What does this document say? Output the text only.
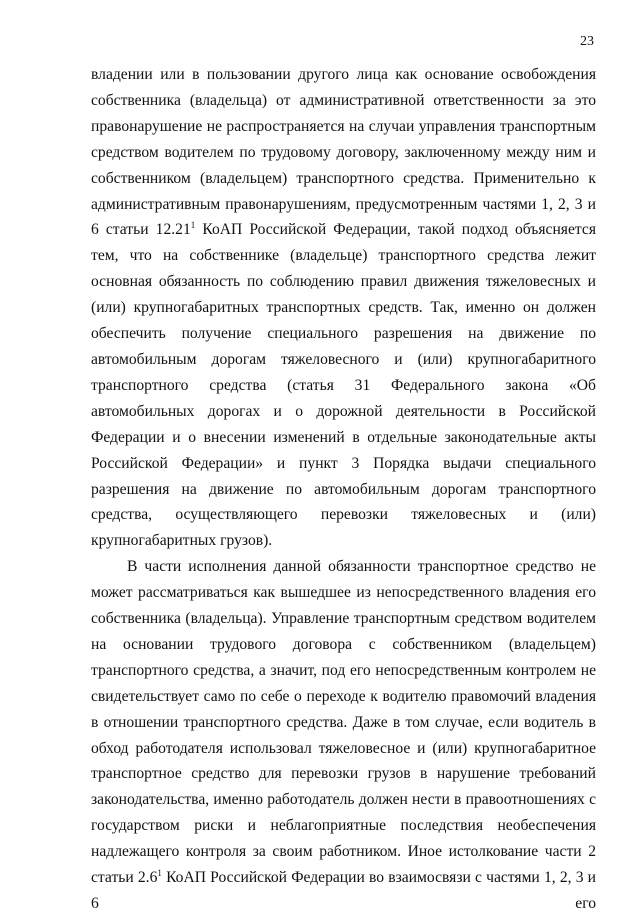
23

владении или в пользовании другого лица как основание освобождения собственника (владельца) от административной ответственности за это правонарушение не распространяется на случаи управления транспортным средством водителем по трудовому договору, заключенному между ним и собственником (владельцем) транспортного средства. Применительно к административным правонарушениям, предусмотренным частями 1, 2, 3 и 6 статьи 12.21$^1$ КоАП Российской Федерации, такой подход объясняется тем, что на собственнике (владельце) транспортного средства лежит основная обязанность по соблюдению правил движения тяжеловесных и (или) крупногабаритных транспортных средств. Так, именно он должен обеспечить получение специального разрешения на движение по автомобильным дорогам тяжеловесного и (или) крупногабаритного транспортного средства (статья 31 Федерального закона «Об автомобильных дорогах и о дорожной деятельности в Российской Федерации и о внесении изменений в отдельные законодательные акты Российской Федерации» и пункт 3 Порядка выдачи специального разрешения на движение по автомобильным дорогам транспортного средства, осуществляющего перевозки тяжеловесных и (или) крупногабаритных грузов).

В части исполнения данной обязанности транспортное средство не может рассматриваться как вышедшее из непосредственного владения его собственника (владельца). Управление транспортным средством водителем на основании трудового договора с собственником (владельцем) транспортного средства, а значит, под его непосредственным контролем не свидетельствует само по себе о переходе к водителю правомочий владения в отношении транспортного средства. Даже в том случае, если водитель в обход работодателя использовал тяжеловесное и (или) крупногабаритное транспортное средство для перевозки грузов в нарушение требований законодательства, именно работодатель должен нести в правоотношениях с государством риски и неблагоприятные последствия необеспечения надлежащего контроля за своим работником. Иное истолкование части 2 статьи $2.6^1$ КоАП Российской Федерации во взаимосвязи с частями 1, 2, 3 и 6 его
